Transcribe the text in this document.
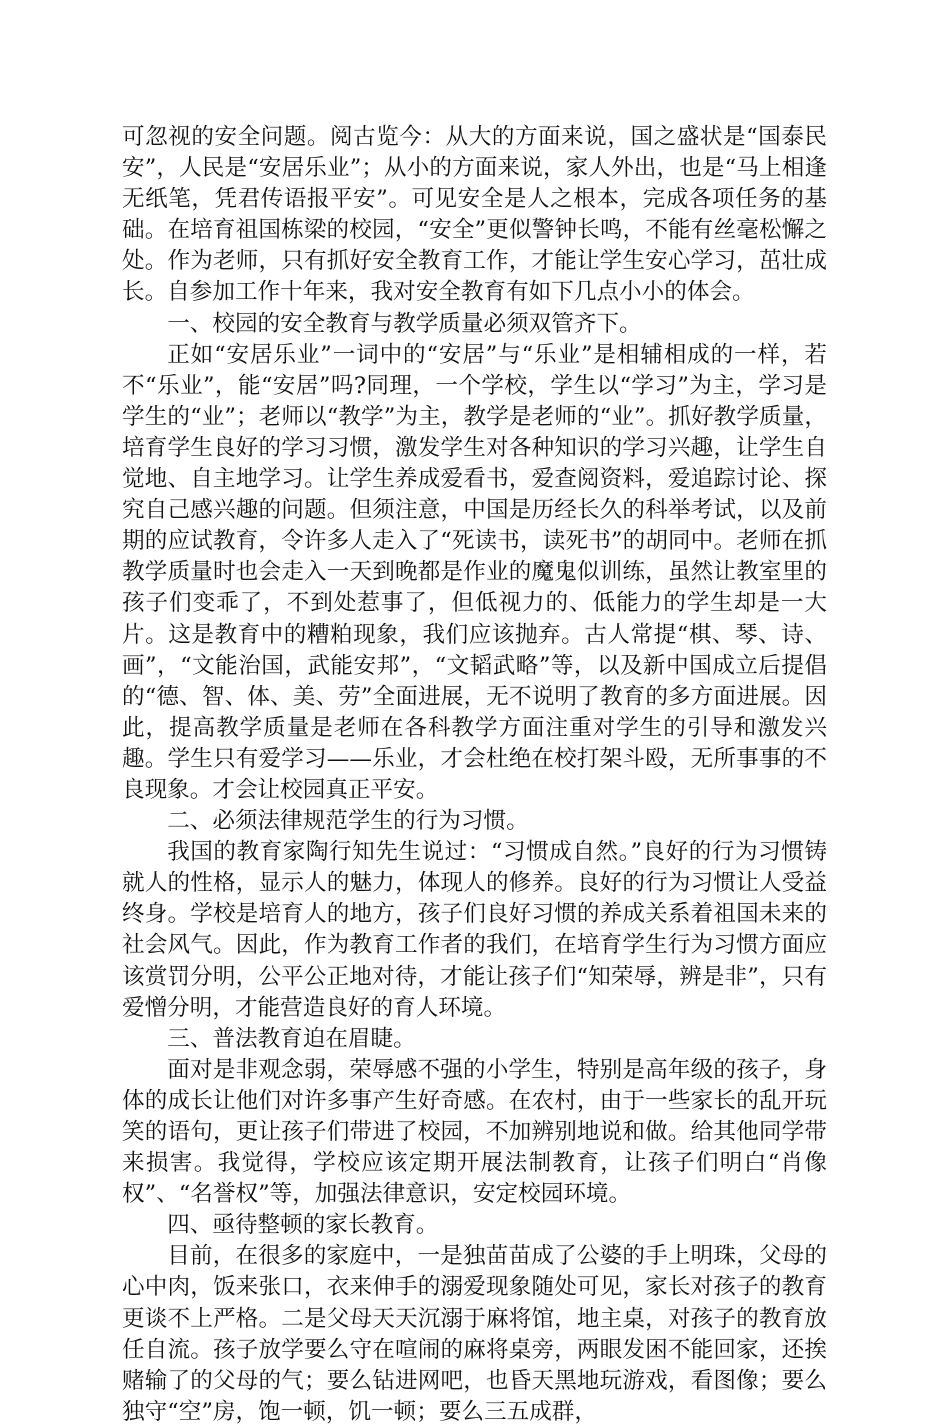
可忽视的安全问题。阅古览今：从大的方面来说，国之盛状是“国泰民安”，人民是“安居乐业”；从小的方面来说，家人外出，也是“马上相逢无纸笔，凭君传语报平安”。可见安全是人之根本，完成各项任务的基础。在培育祖国栋梁的校园，“安全”更似警钟长鸣，不能有丝毫松懈之处。作为老师，只有抓好安全教育工作，才能让学生安心学习，茁壮成长。自参加工作十年来，我对安全教育有如下几点小小的体会。

一、校园的安全教育与教学质量必须双管齐下。

正如“安居乐业”一词中的“安居”与“乐业”是相辅相成的一样，若不“乐业”，能“安居”吗?同理，一个学校，学生以“学习”为主，学习是学生的“业”；老师以“教学”为主，教学是老师的“业”。抓好教学质量，培育学生良好的学习习惯，激发学生对各种知识的学习兴趣，让学生自觉地、自主地学习。让学生养成爱看书，爱查阅资料，爱追踪讨论、探究自己感兴趣的问题。但须注意，中国是历经长久的科举考试，以及前期的应试教育，令许多人走入了“死读书，读死书”的胡同中。老师在抓教学质量时也会走入一天到晚都是作业的魔鬼似训练，虽然让教室里的孩子们变乖了，不到处惹事了，但低视力的、低能力的学生却是一大片。这是教育中的糟粕现象，我们应该抛弃。古人常提“棋、琴、诗、画”，“文能治国，武能安邦”，“文韬武略”等，以及新中国成立后提倡的“德、智、体、美、劳”全面进展，无不说明了教育的多方面进展。因此，提高教学质量是老师在各科教学方面注重对学生的引导和激发兴趣。学生只有爱学习——乐业，才会杜绝在校打架斗殴，无所事事的不良现象。才会让校园真正平安。

二、必须法律规范学生的行为习惯。

我国的教育家陶行知先生说过：“习惯成自然。”良好的行为习惯铸就人的性格，显示人的魅力，体现人的修养。良好的行为习惯让人受益终身。学校是培育人的地方，孩子们良好习惯的养成关系着祖国未来的社会风气。因此，作为教育工作者的我们，在培育学生行为习惯方面应该赏罚分明，公平公正地对待，才能让孩子们“知荣辱，辨是非”，只有爱憎分明，才能营造良好的育人环境。

三、普法教育迫在眉睫。

面对是非观念弱，荣辱感不强的小学生，特别是高年级的孩子，身体的成长让他们对许多事产生好奇感。在农村，由于一些家长的乱开玩笑的语句，更让孩子们带进了校园，不加辨别地说和做。给其他同学带来损害。我觉得，学校应该定期开展法制教育，让孩子们明白“肖像权”、“名誉权”等，加强法律意识，安定校园环境。

四、亟待整顿的家长教育。

目前，在很多的家庭中，一是独苗苗成了公婆的手上明珠，父母的心中肉，饭来张口，衣来伸手的溺爱现象随处可见，家长对孩子的教育更谈不上严格。二是父母天天沉溺于麻将馆，地主桌，对孩子的教育放任自流。孩子放学要么守在喧闹的麻将桌旁，两眼发困不能回家，还挨赌输了的父母的气；要么钻进网吧，也昏天黑地玩游戏，看图像；要么独守“空”房，饱一顿，饥一顿；要么三五成群，
